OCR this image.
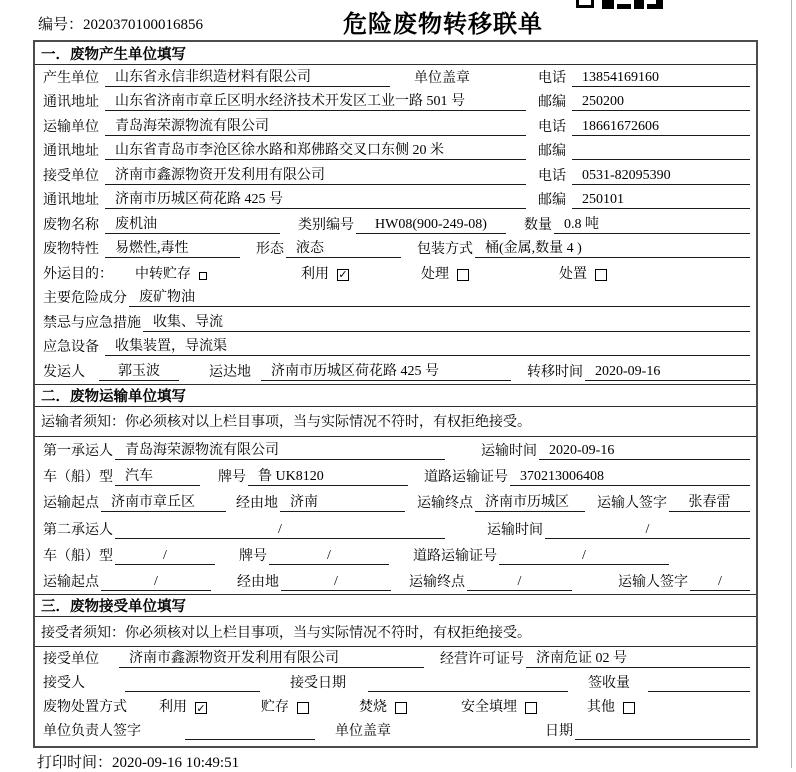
编号：2020370100016856	危险废物转移联单
一．废物产生单位填写
产生单位	山东省永信非织造材料有限公司	单位盖章	电话	13854169160
通讯地址	山东省济南市章丘区明水经济技术开发区工业一路 501 号	邮编	250200
运输单位	青岛海荣源物流有限公司	电话	18661672606
通讯地址	山东省青岛市李沧区徐水路和郑佛路交叉口东侧 20 米	邮编
接受单位	济南市鑫源物资开发利用有限公司	电话	0531-82095390
通讯地址	济南市历城区荷花路 425 号	邮编	250101
废物名称	废机油	类别编号	HW08(900-249-08)	数量 0.8 吨
废物特性	易燃性,毒性	形态 液态	包装方式 桶(金属,数量 4 )
外运目的： 中转贮存	利用 ✓	处理	处置
主要危险成分 废矿物油
禁忌与应急措施 收集、导流
应急设备	收集装置，导流渠
发运人	郭玉波	运达地	济南市历城区荷花路 425 号	转移时间 2020-09-16
二．废物运输单位填写
运输者须知：你必须核对以上栏目事项，当与实际情况不符时，有权拒绝接受。
第一承运人 青岛海荣源物流有限公司	运输时间 2020-09-16
车（船）型 汽车	牌号 鲁 UK8120	道路运输证号 370213006408
运输起点 济南市章丘区	经由地 济南	运输终点 济南市历城区	运输人签字	张春雷
第二承运人	/	运输时间	/
车（船）型	/	牌号	/	道路运输证号	/
运输起点	/	经由地	/	运输终点	/	运输人签字	/
三．废物接受单位填写
接受者须知：你必须核对以上栏目事项，当与实际情况不符时，有权拒绝接受。
接受单位	济南市鑫源物资开发利用有限公司	经营许可证号 济南危证 02 号
接受人	接受日期	签收量
废物处置方式 利用 ✓	贮存	焚烧	安全填埋	其他
单位负责人签字	单位盖章	日期
打印时间：2020-09-16 10:49:51
